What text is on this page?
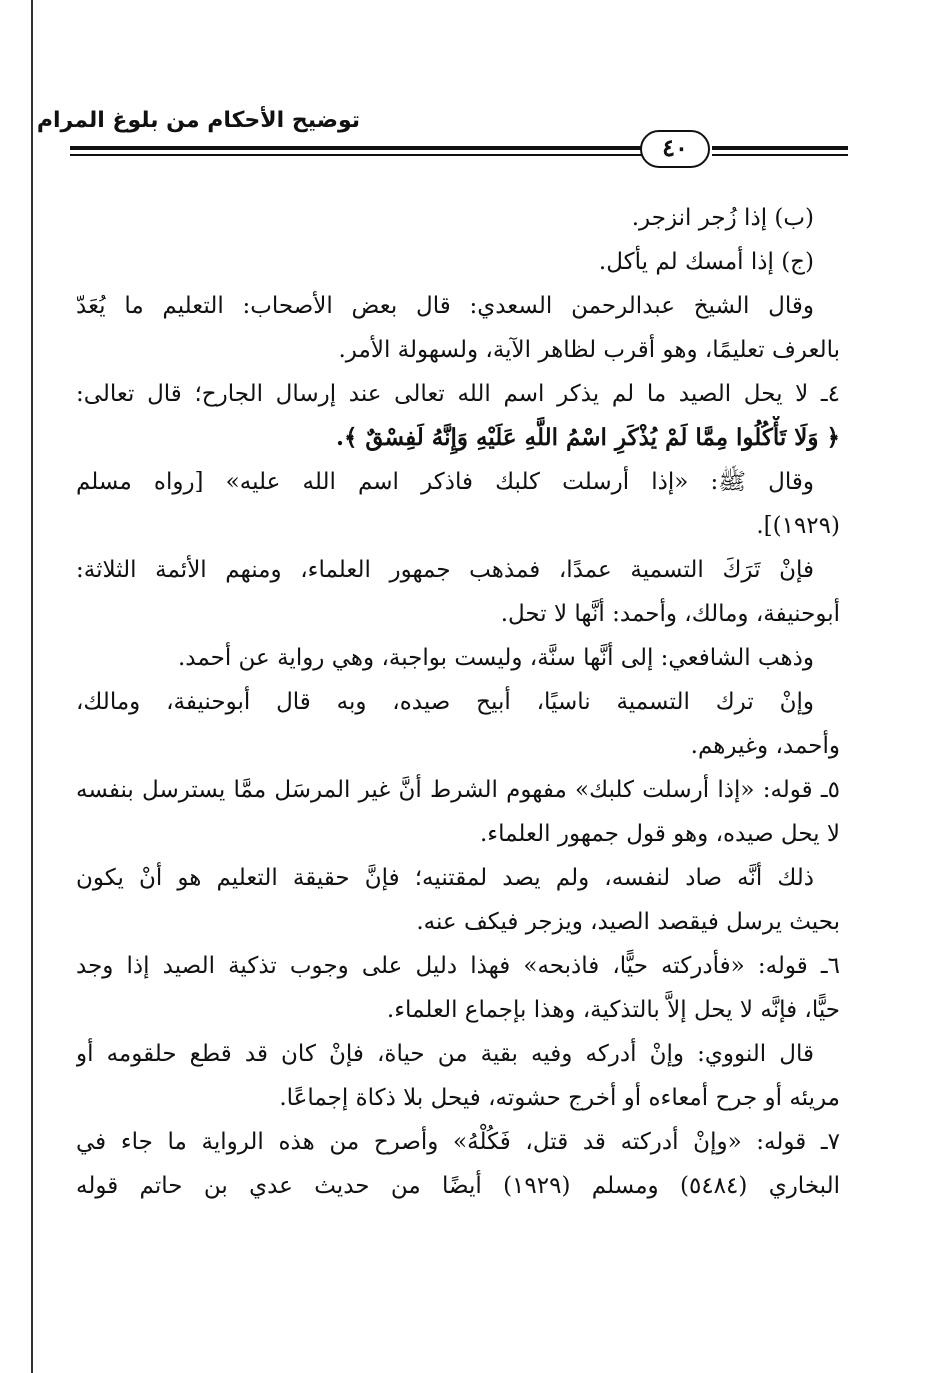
توضيح الأحكام من بلوغ المرام
٤٠
(ب) إذا زُجر انزجر.
(ج) إذا أمسك لم يأكل.
وقال الشيخ عبدالرحمن السعدي: قال بعض الأصحاب: التعليم ما يُعَدّ
بالعرف تعليمًا، وهو أقرب لظاهر الآية، ولسهولة الأمر.
٤ـ لا يحل الصيد ما لم يذكر اسم الله تعالى عند إرسال الجارح؛ قال تعالى:
﴿ وَلَا تَأْكُلُوا مِمَّا لَمْ يُذْكَرِ اسْمُ اللَّهِ عَلَيْهِ وَإِنَّهُ لَفِسْقٌ ﴾.
وقال ﷺ: «إذا أرسلت كلبك فاذكر اسم الله عليه» [رواه مسلم
(١٩٢٩)].
فإنْ تَرَكَ التسمية عمدًا، فمذهب جمهور العلماء، ومنهم الأئمة الثلاثة:
أبوحنيفة، ومالك، وأحمد: أنَّها لا تحل.
وذهب الشافعي: إلى أنَّها سنَّة، وليست بواجبة، وهي رواية عن أحمد.
وإنْ ترك التسمية ناسيًا، أبيح صيده، وبه قال أبوحنيفة، ومالك،
وأحمد، وغيرهم.
٥ـ قوله: «إذا أرسلت كلبك» مفهوم الشرط أنَّ غير المرسَل ممَّا يسترسل بنفسه
لا يحل صيده، وهو قول جمهور العلماء.
ذلك أنَّه صاد لنفسه، ولم يصد لمقتنيه؛ فإنَّ حقيقة التعليم هو أنْ يكون
بحيث يرسل فيقصد الصيد، ويزجر فيكف عنه.
٦ـ قوله: «فأدركته حيًّا، فاذبحه» فهذا دليل على وجوب تذكية الصيد إذا وجد
حيًّا، فإنَّه لا يحل إلاَّ بالتذكية، وهذا بإجماع العلماء.
قال النووي: وإنْ أدركه وفيه بقية من حياة، فإنْ كان قد قطع حلقومه أو
مريئه أو جرح أمعاءه أو أخرج حشوته، فيحل بلا ذكاة إجماعًا.
٧ـ قوله: «وإنْ أدركته قد قتل، فَكُلْهُ» وأصرح من هذه الرواية ما جاء في
البخاري (٥٤٨٤) ومسلم (١٩٢٩) أيضًا من حديث عدي بن حاتم قوله
